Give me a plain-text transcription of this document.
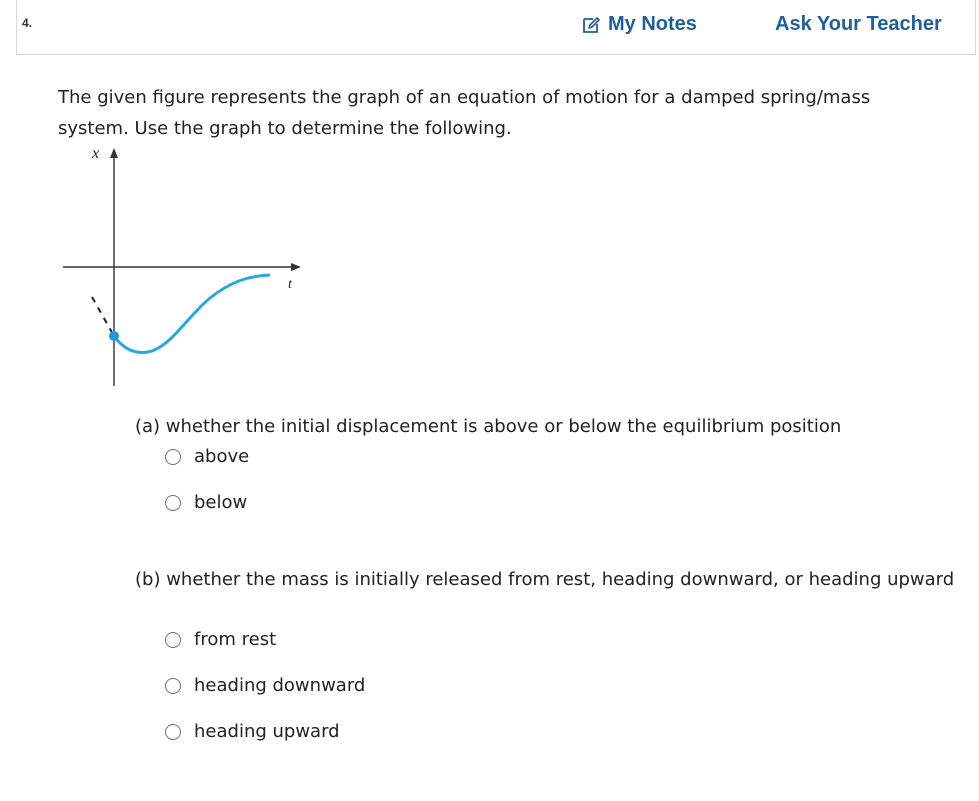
4.	My Notes	Ask Your Teacher
The given figure represents the graph of an equation of motion for a damped spring/mass system. Use the graph to determine the following.
x
t
(a) whether the initial displacement is above or below the equilibrium position
above
below
(b) whether the mass is initially released from rest, heading downward, or heading upward
from rest
heading downward
heading upward
